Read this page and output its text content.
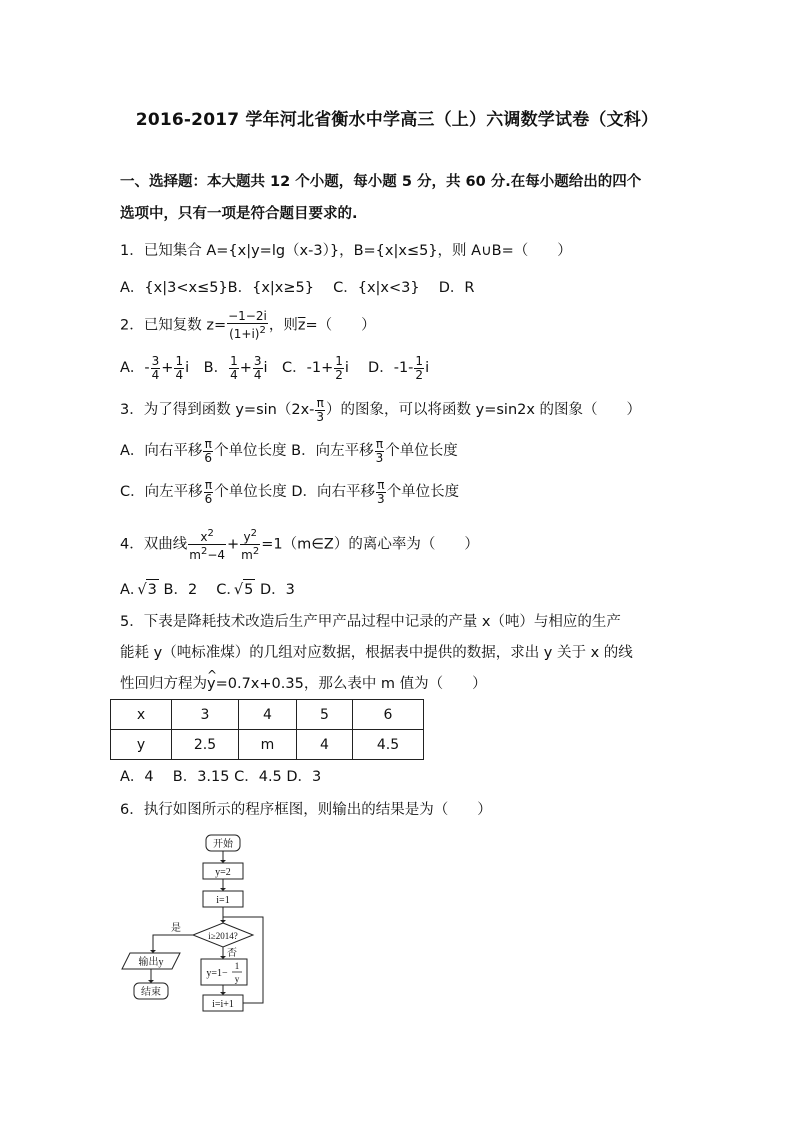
2016-2017 学年河北省衡水中学高三（上）六调数学试卷（文科）
一、选择题：本大题共 12 个小题，每小题 5 分，共 60 分.在每小题给出的四个
选项中，只有一项是符合题目要求的.
1．已知集合 A={x|y=lg（x-3）}，B={x|x≤5}，则 A∪B=（　　）
A．{x|3<x≤5}B．{x|x≥5}　 C．{x|x<3}　 D．R
2．已知复数 $z= \frac{-1-2i}{(1+i)^2}$ ，则$\overline{z}=$（　　）
A．- $\frac{3}{4} + \frac{1}{4}$ i　B． $\frac{1}{4} + \frac{3}{4}$ i　C．$-1+ \frac{1}{2}$ i　 D．$-1- \frac{1}{2}$ i
3．为了得到函数 $y=\sin(2x- \frac{\pi}{3}$ ）的图象，可以将函数 y=sin2x 的图象（　　）
A．向右平移 $\frac{\pi}{6}$ 个单位长度 B．向左平移 $\frac{\pi}{3}$ 个单位长度
C．向左平移 $\frac{\pi}{6}$ 个单位长度 D．向右平移 $\frac{\pi}{3}$ 个单位长度
4．双曲线 $\frac{x^2}{m^2-4} + \frac{y^2}{m^2}$ =1（m∈Z）的离心率为（　　）
A． √ 3 B．2　 C． √ 5 D．3
5．下表是降耗技术改造后生产甲产品过程中记录的产量 x（吨）与相应的生产
能耗 y（吨标准煤）的几组对应数据，根据表中提供的数据，求出 y 关于 x 的线
性回归方程为^ y=0.7x+0.35，那么表中 m 值为（　　）
x	3	4	5	6
y	2.5	m	4	4.5
A．4　 B．3.15 C．4.5 D．3
6．执行如图所示的程序框图，则输出的结果是为（　　）
开始
y=2
i=1
i≥2014?
是
否
y=1−
1
y
i=i+1
输出y
结束
